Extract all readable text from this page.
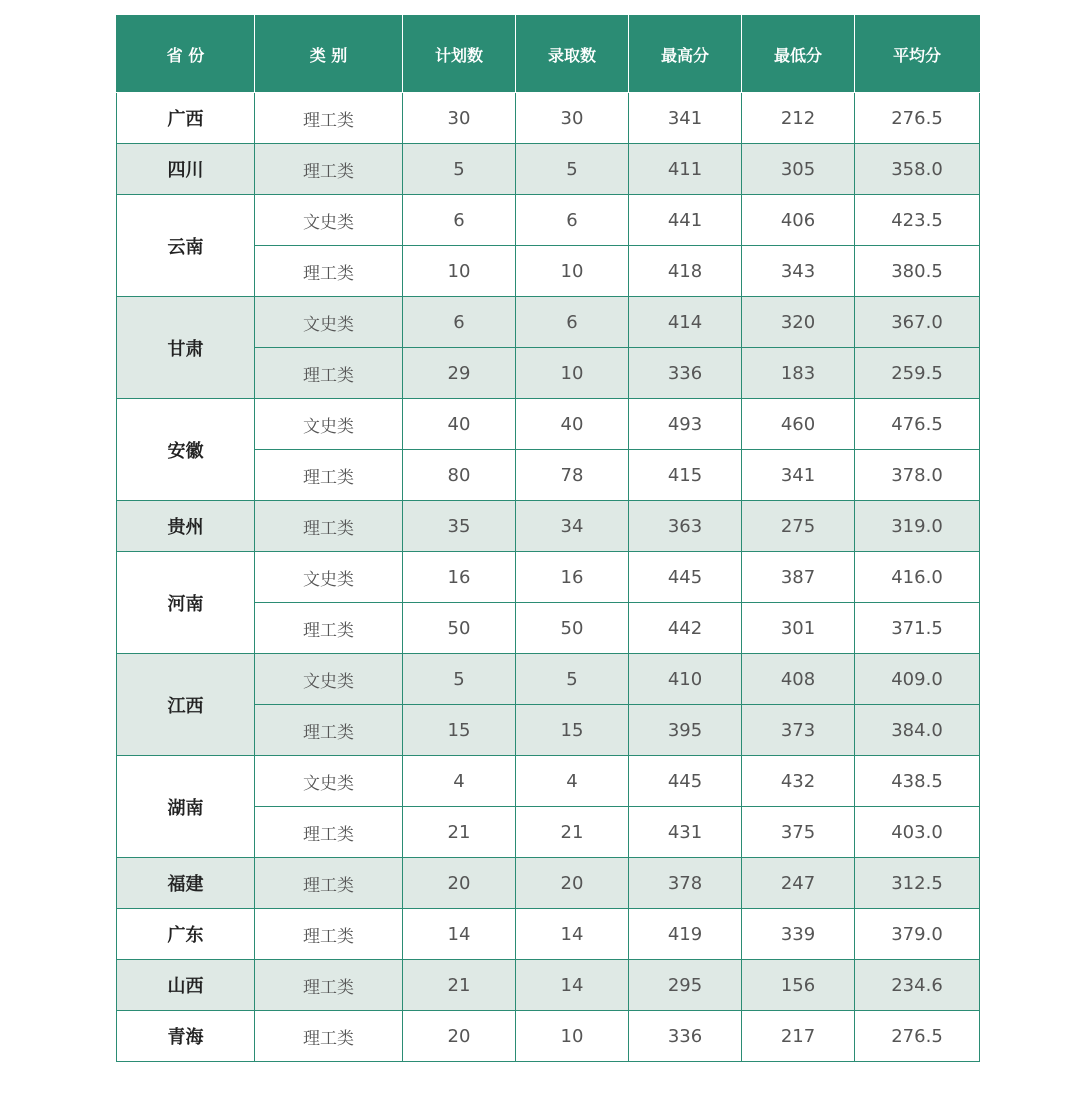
省 份	类 别	计划数	录取数	最高分	最低分	平均分
广西	理工类	30	30	341	212	276.5
四川	理工类	5	5	411	305	358.0
云南	文史类	6	6	441	406	423.5
	理工类	10	10	418	343	380.5
甘肃	文史类	6	6	414	320	367.0
	理工类	29	10	336	183	259.5
安徽	文史类	40	40	493	460	476.5
	理工类	80	78	415	341	378.0
贵州	理工类	35	34	363	275	319.0
河南	文史类	16	16	445	387	416.0
	理工类	50	50	442	301	371.5
江西	文史类	5	5	410	408	409.0
	理工类	15	15	395	373	384.0
湖南	文史类	4	4	445	432	438.5
	理工类	21	21	431	375	403.0
福建	理工类	20	20	378	247	312.5
广东	理工类	14	14	419	339	379.0
山西	理工类	21	14	295	156	234.6
青海	理工类	20	10	336	217	276.5
